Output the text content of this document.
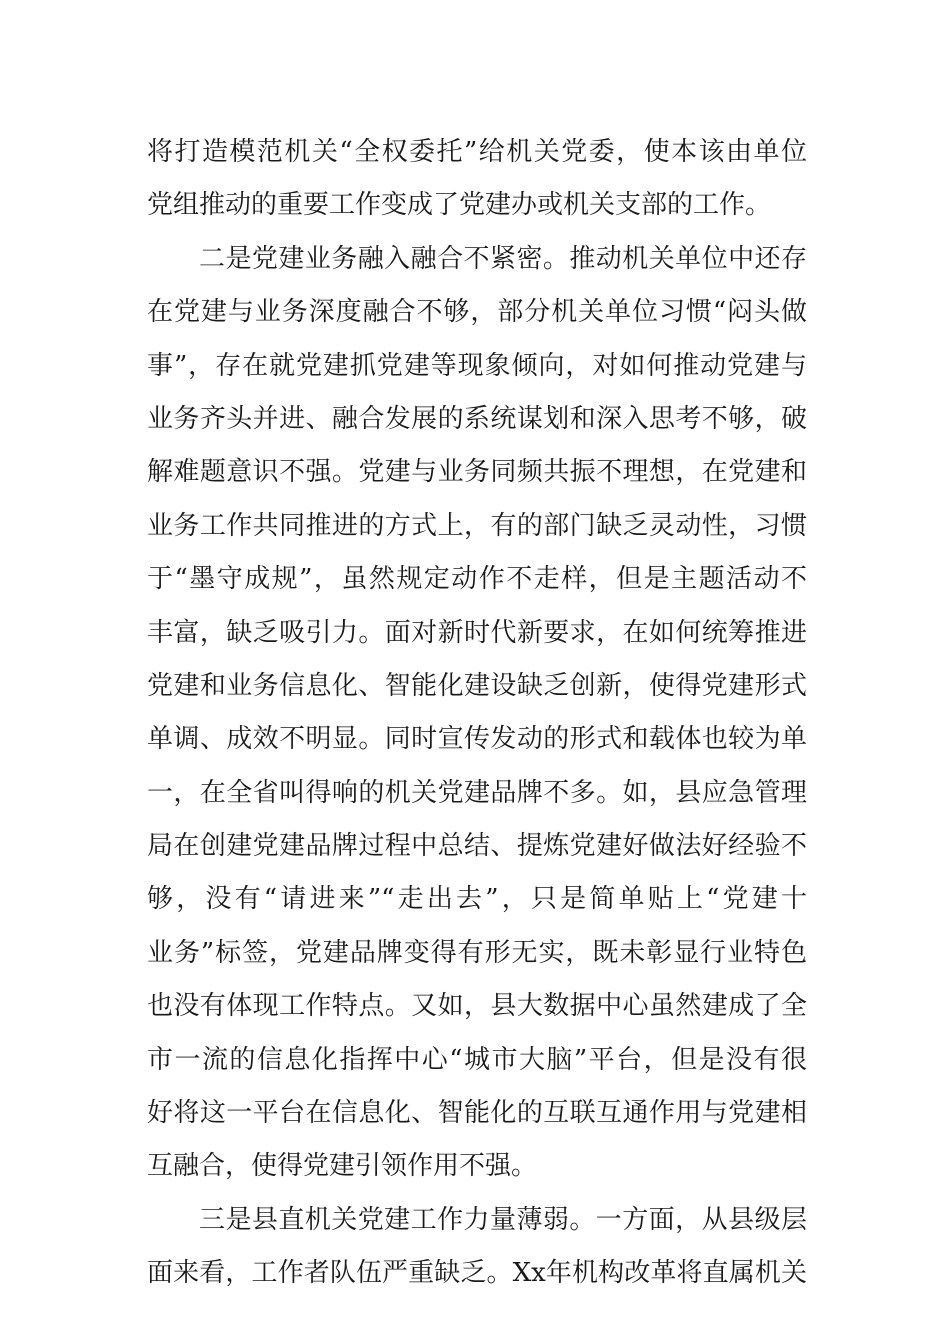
将打造模范机关“全权委托”给机关党委，使本该由单位
党组推动的重要工作变成了党建办或机关支部的工作。
二是党建业务融入融合不紧密。推动机关单位中还存
在党建与业务深度融合不够，部分机关单位习惯“闷头做
事”，存在就党建抓党建等现象倾向，对如何推动党建与
业务齐头并进、融合发展的系统谋划和深入思考不够，破
解难题意识不强。党建与业务同频共振不理想，在党建和
业务工作共同推进的方式上，有的部门缺乏灵动性，习惯
于“墨守成规”，虽然规定动作不走样，但是主题活动不
丰富，缺乏吸引力。面对新时代新要求，在如何统筹推进
党建和业务信息化、智能化建设缺乏创新，使得党建形式
单调、成效不明显。同时宣传发动的形式和载体也较为单
一，在全省叫得响的机关党建品牌不多。如，县应急管理
局在创建党建品牌过程中总结、提炼党建好做法好经验不
够，没有“请进来”“走出去”，只是简单贴上“党建十
业务”标签，党建品牌变得有形无实，既未彰显行业特色
也没有体现工作特点。又如，县大数据中心虽然建成了全
市一流的信息化指挥中心“城市大脑”平台，但是没有很
好将这一平台在信息化、智能化的互联互通作用与党建相
互融合，使得党建引领作用不强。
三是县直机关党建工作力量薄弱。一方面，从县级层
面来看，工作者队伍严重缺乏。Xx年机构改革将直属机关
